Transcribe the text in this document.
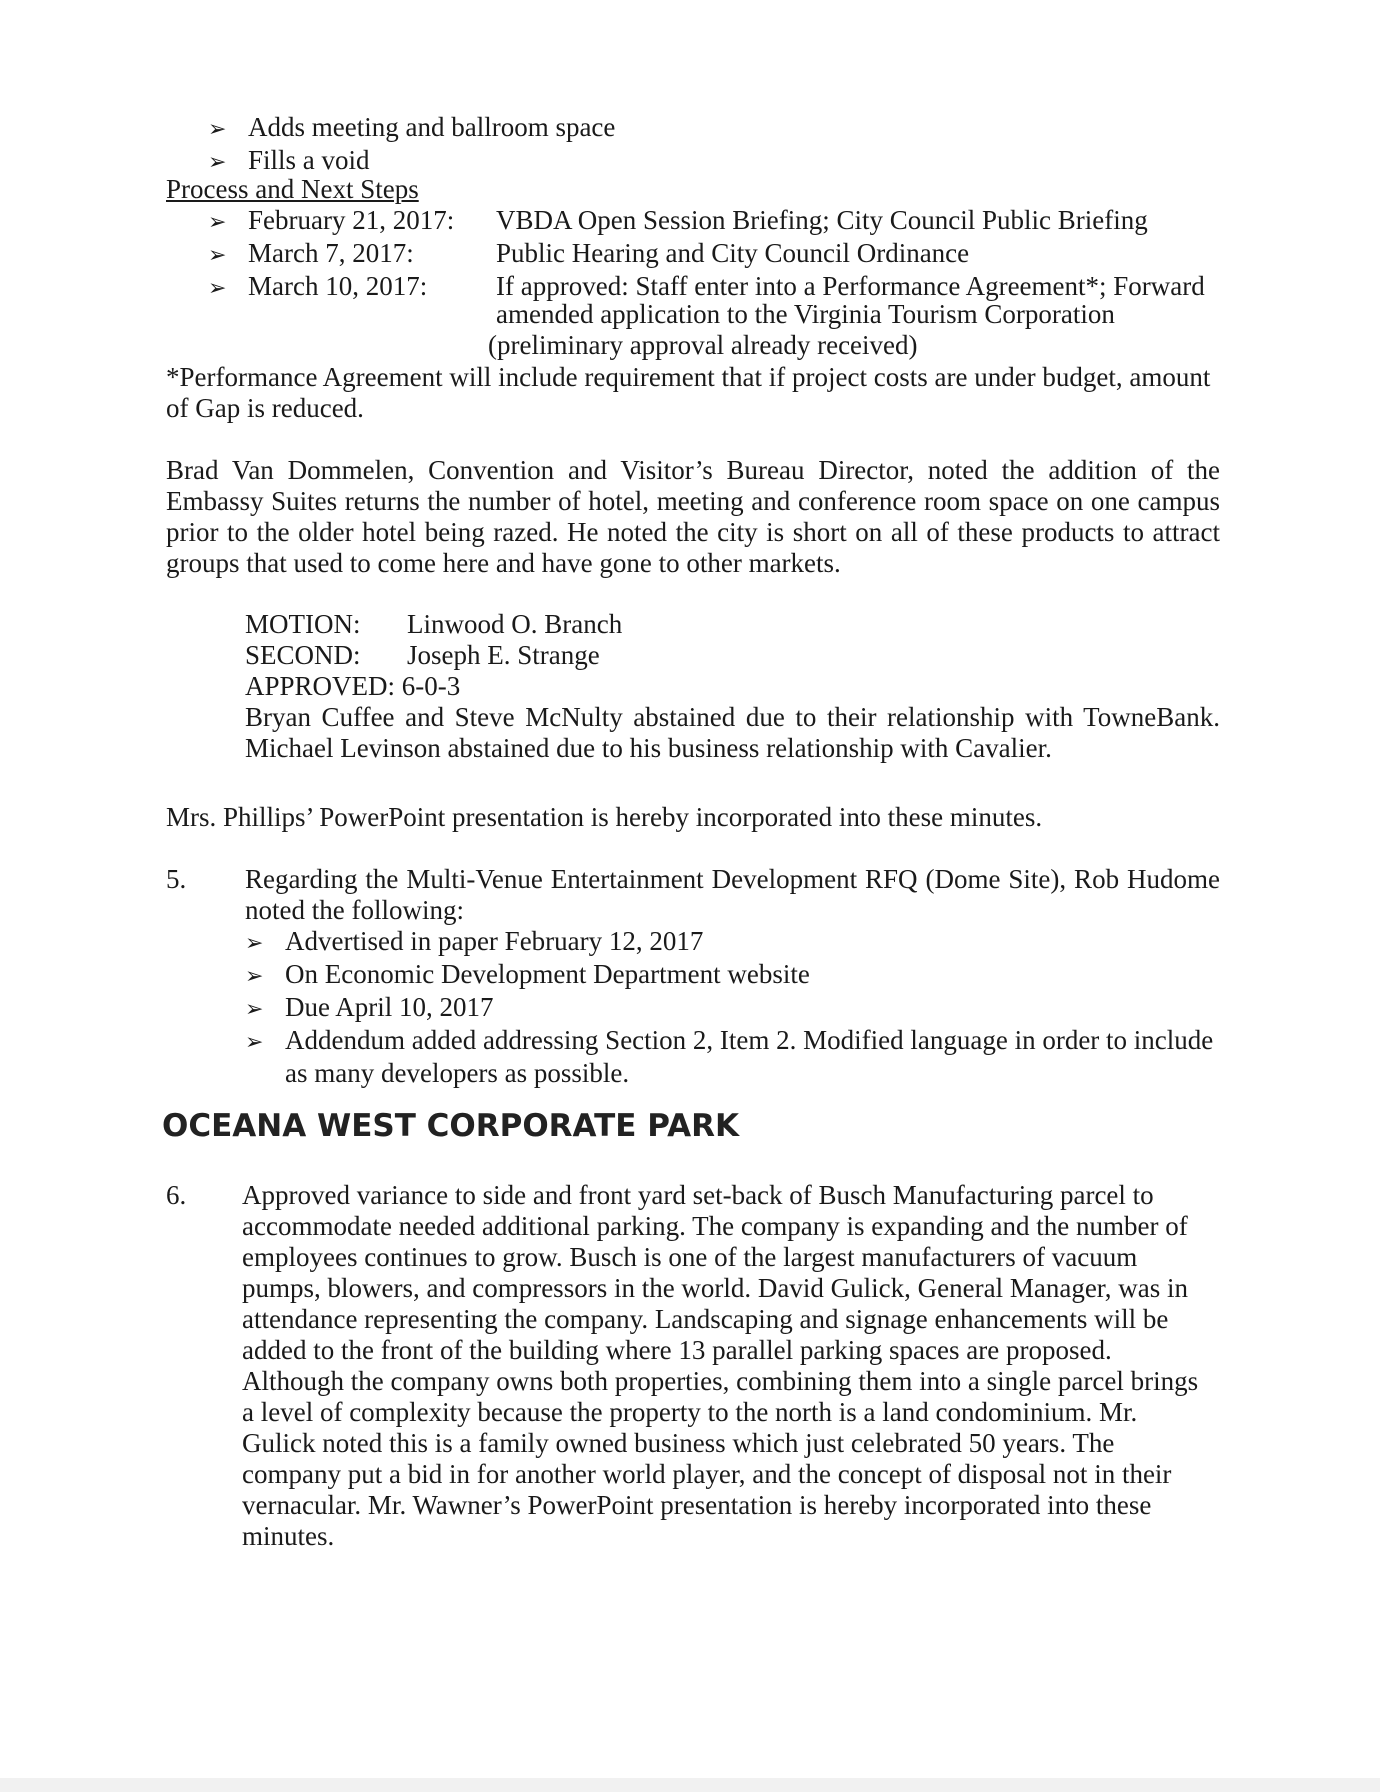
➢ Adds meeting and ballroom space
➢ Fills a void
Process and Next Steps
➢ February 21, 2017: VBDA Open Session Briefing; City Council Public Briefing
➢ March 7, 2017:	Public Hearing and City Council Ordinance
➢ March 10, 2017:	If approved: Staff enter into a Performance Agreement*; Forward
amended application to the Virginia Tourism Corporation
(preliminary approval already received)
*Performance Agreement will include requirement that if project costs are under budget, amount
of Gap is reduced.
Brad Van Dommelen, Convention and Visitor’s Bureau Director, noted the addition of the
Embassy Suites returns the number of hotel, meeting and conference room space on one campus
prior to the older hotel being razed. He noted the city is short on all of these products to attract
groups that used to come here and have gone to other markets.
MOTION: Linwood O. Branch
SECOND: Joseph E. Strange
APPROVED: 6-0-3
Bryan Cuffee and Steve McNulty abstained due to their relationship with TowneBank.
Michael Levinson abstained due to his business relationship with Cavalier.
Mrs. Phillips’ PowerPoint presentation is hereby incorporated into these minutes.
5. Regarding the Multi-Venue Entertainment Development RFQ (Dome Site), Rob Hudome
noted the following:
➢ Advertised in paper February 12, 2017
➢ On Economic Development Department website
➢ Due April 10, 2017
➢ Addendum added addressing Section 2, Item 2. Modified language in order to include
as many developers as possible.
OCEANA WEST CORPORATE PARK
6. Approved variance to side and front yard set-back of Busch Manufacturing parcel to
accommodate needed additional parking. The company is expanding and the number of
employees continues to grow. Busch is one of the largest manufacturers of vacuum
pumps, blowers, and compressors in the world. David Gulick, General Manager, was in
attendance representing the company. Landscaping and signage enhancements will be
added to the front of the building where 13 parallel parking spaces are proposed.
Although the company owns both properties, combining them into a single parcel brings
a level of complexity because the property to the north is a land condominium. Mr.
Gulick noted this is a family owned business which just celebrated 50 years. The
company put a bid in for another world player, and the concept of disposal not in their
vernacular. Mr. Wawner’s PowerPoint presentation is hereby incorporated into these
minutes.
